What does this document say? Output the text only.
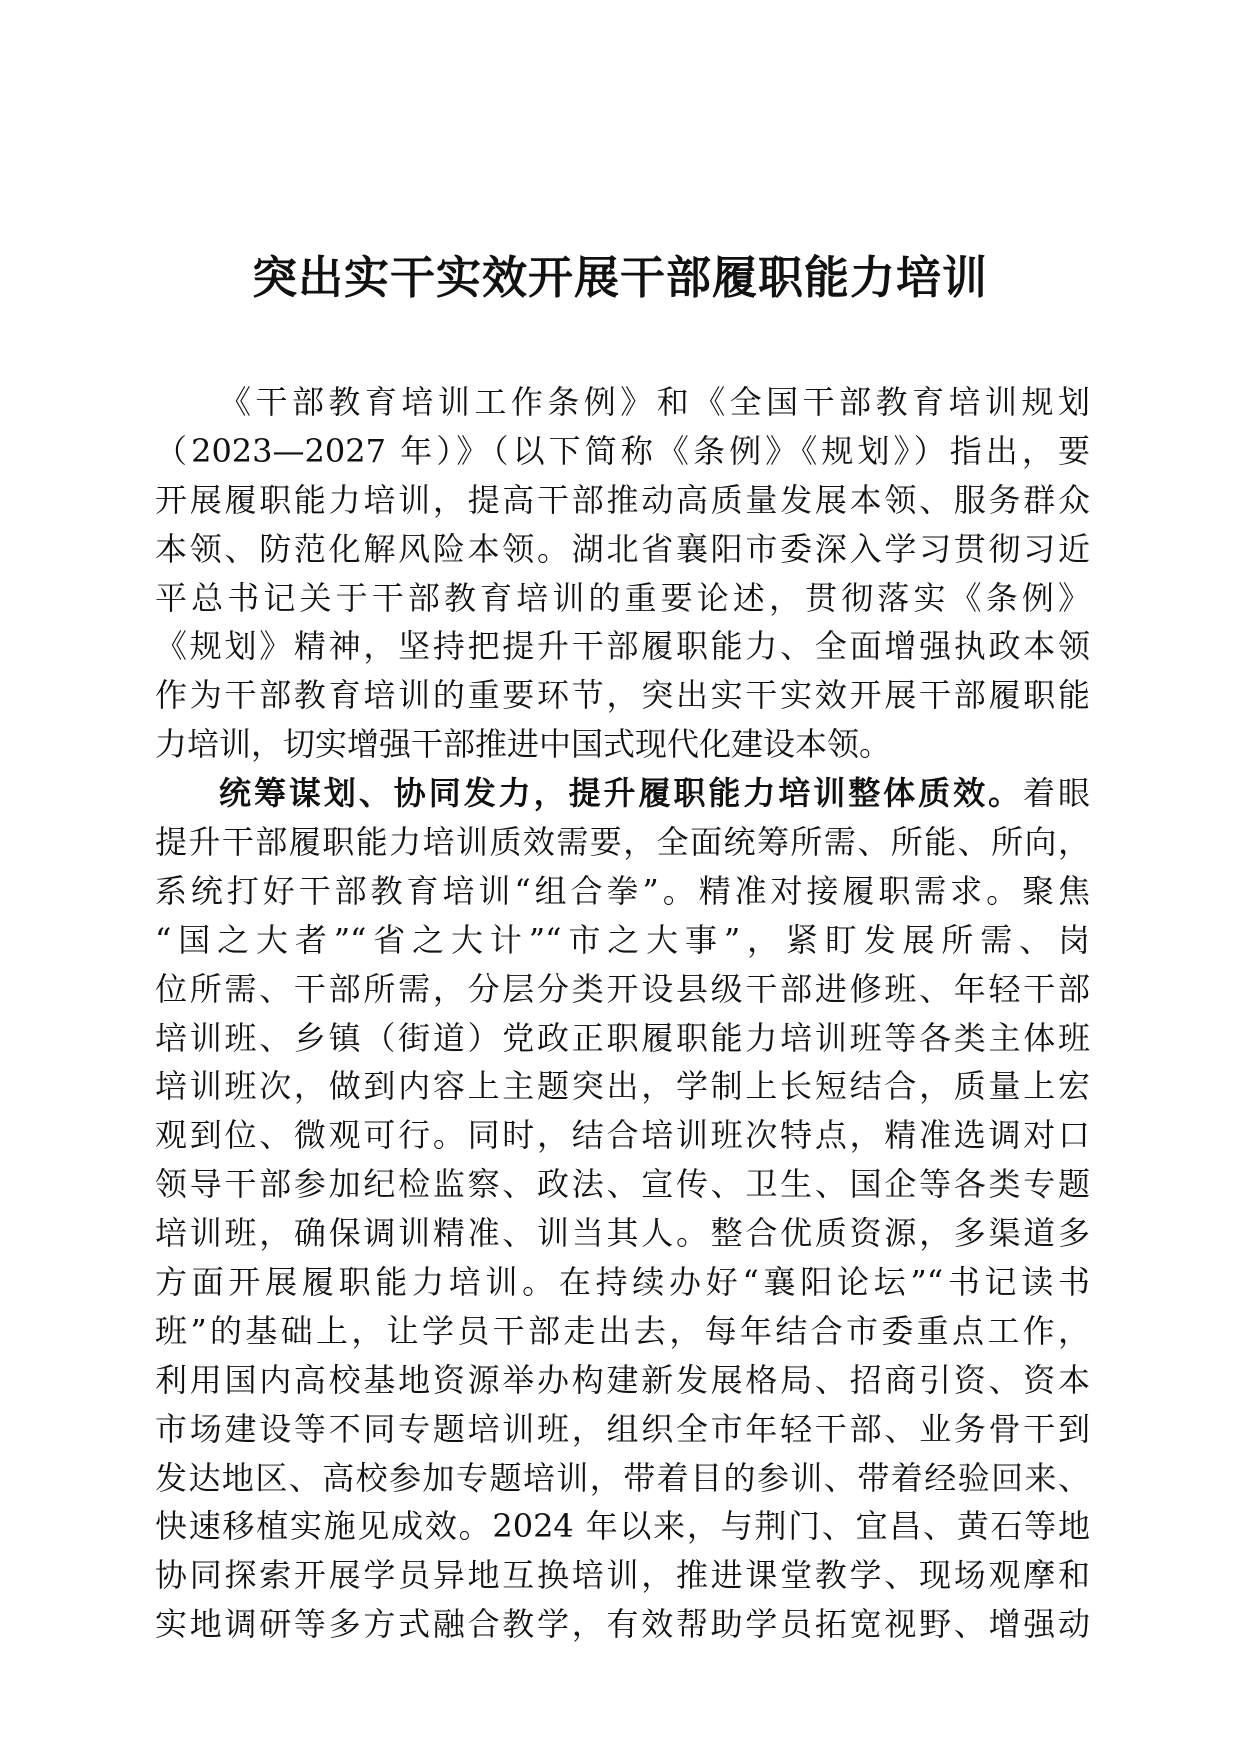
突出实干实效开展干部履职能力培训
《干部教育培训工作条例》和《全国干部教育培训规划
（2023—2027 年）》（以下简称《条例》《规划》）指出，要
开展履职能力培训，提高干部推动高质量发展本领、服务群众
本领、防范化解风险本领。湖北省襄阳市委深入学习贯彻习近
平总书记关于干部教育培训的重要论述，贯彻落实《条例》
《规划》精神，坚持把提升干部履职能力、全面增强执政本领
作为干部教育培训的重要环节，突出实干实效开展干部履职能
力培训，切实增强干部推进中国式现代化建设本领。
统筹谋划、协同发力，提升履职能力培训整体质效。着眼
提升干部履职能力培训质效需要，全面统筹所需、所能、所向，
系统打好干部教育培训“组合拳”。精准对接履职需求。聚焦
“国之大者”“省之大计”“市之大事”，紧盯发展所需、岗
位所需、干部所需，分层分类开设县级干部进修班、年轻干部
培训班、乡镇（街道）党政正职履职能力培训班等各类主体班
培训班次，做到内容上主题突出，学制上长短结合，质量上宏
观到位、微观可行。同时，结合培训班次特点，精准选调对口
领导干部参加纪检监察、政法、宣传、卫生、国企等各类专题
培训班，确保调训精准、训当其人。整合优质资源，多渠道多
方面开展履职能力培训。在持续办好“襄阳论坛”“书记读书
班”的基础上，让学员干部走出去，每年结合市委重点工作，
利用国内高校基地资源举办构建新发展格局、招商引资、资本
市场建设等不同专题培训班，组织全市年轻干部、业务骨干到
发达地区、高校参加专题培训，带着目的参训、带着经验回来、
快速移植实施见成效。2024 年以来，与荆门、宜昌、黄石等地
协同探索开展学员异地互换培训，推进课堂教学、现场观摩和
实地调研等多方式融合教学，有效帮助学员拓宽视野、增强动
